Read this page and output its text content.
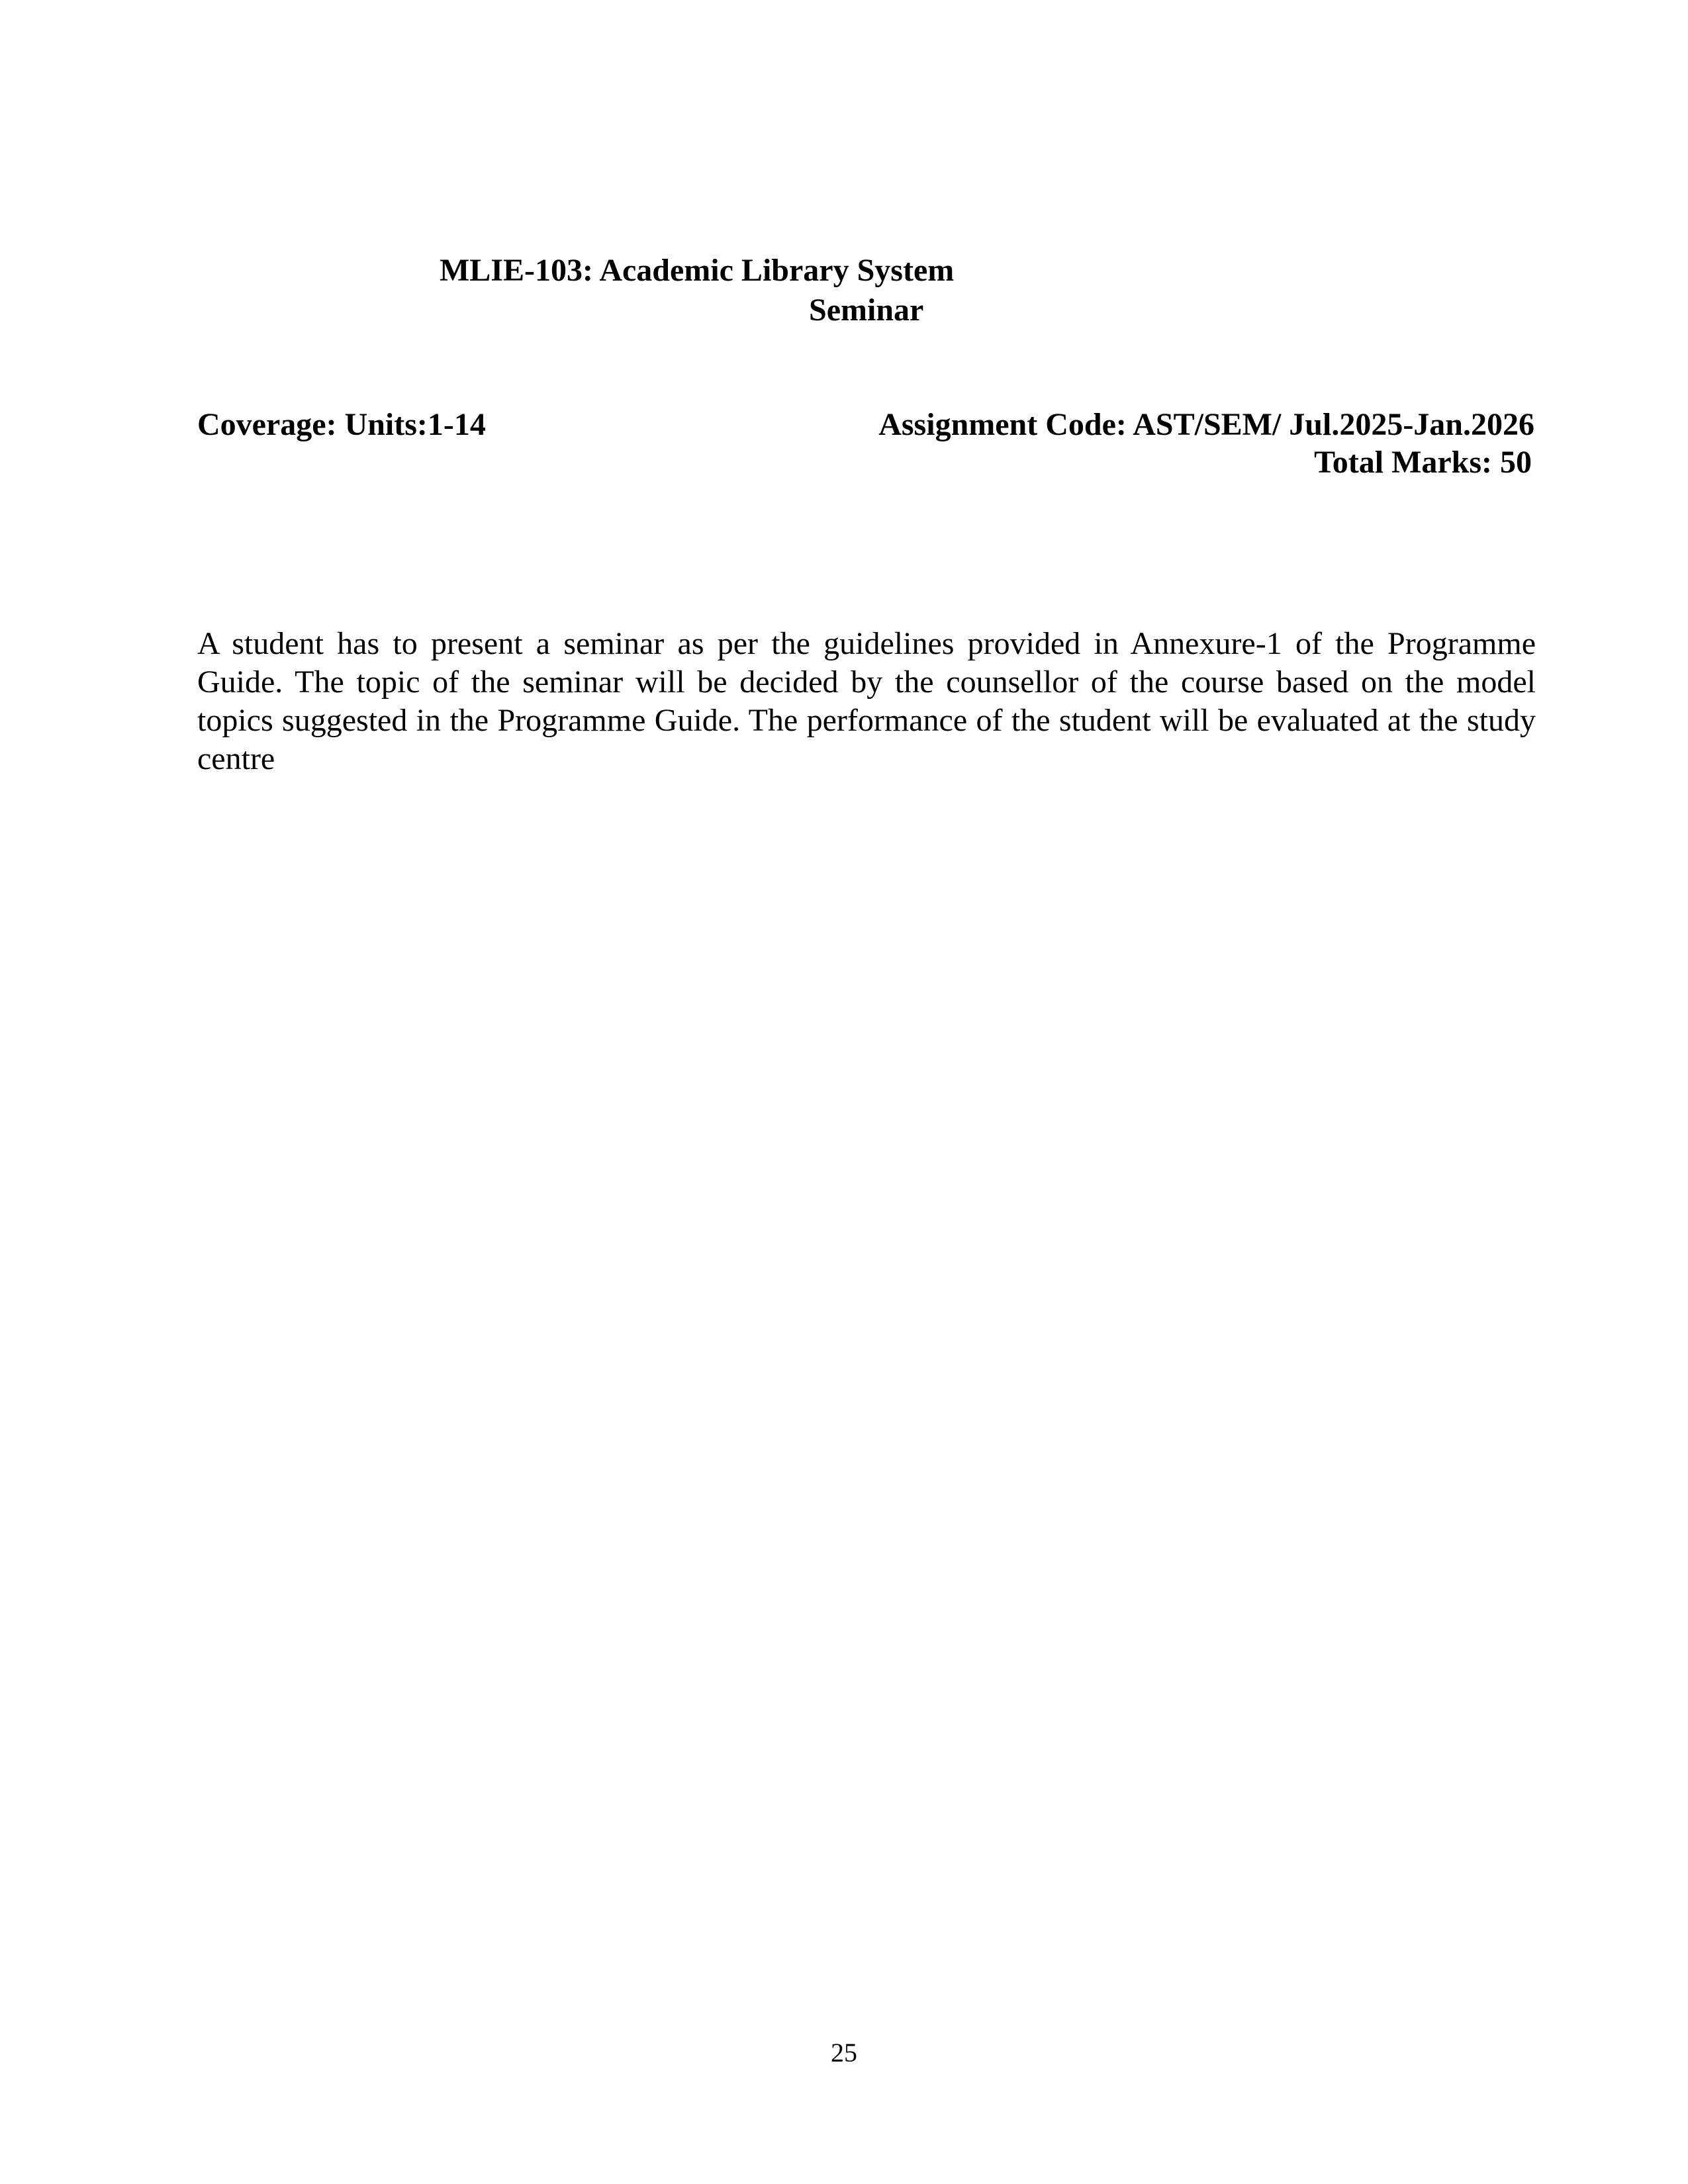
MLIE-103: Academic Library System
Seminar
Coverage: Units:1-14	Assignment Code: AST/SEM/ Jul.2025-Jan.2026
Total Marks: 50

A student has to present a seminar as per the guidelines provided in Annexure-1 of the Programme Guide. The topic of the seminar will be decided by the counsellor of the course based on the model topics suggested in the Programme Guide. The performance of the student will be evaluated at the study centre

25
